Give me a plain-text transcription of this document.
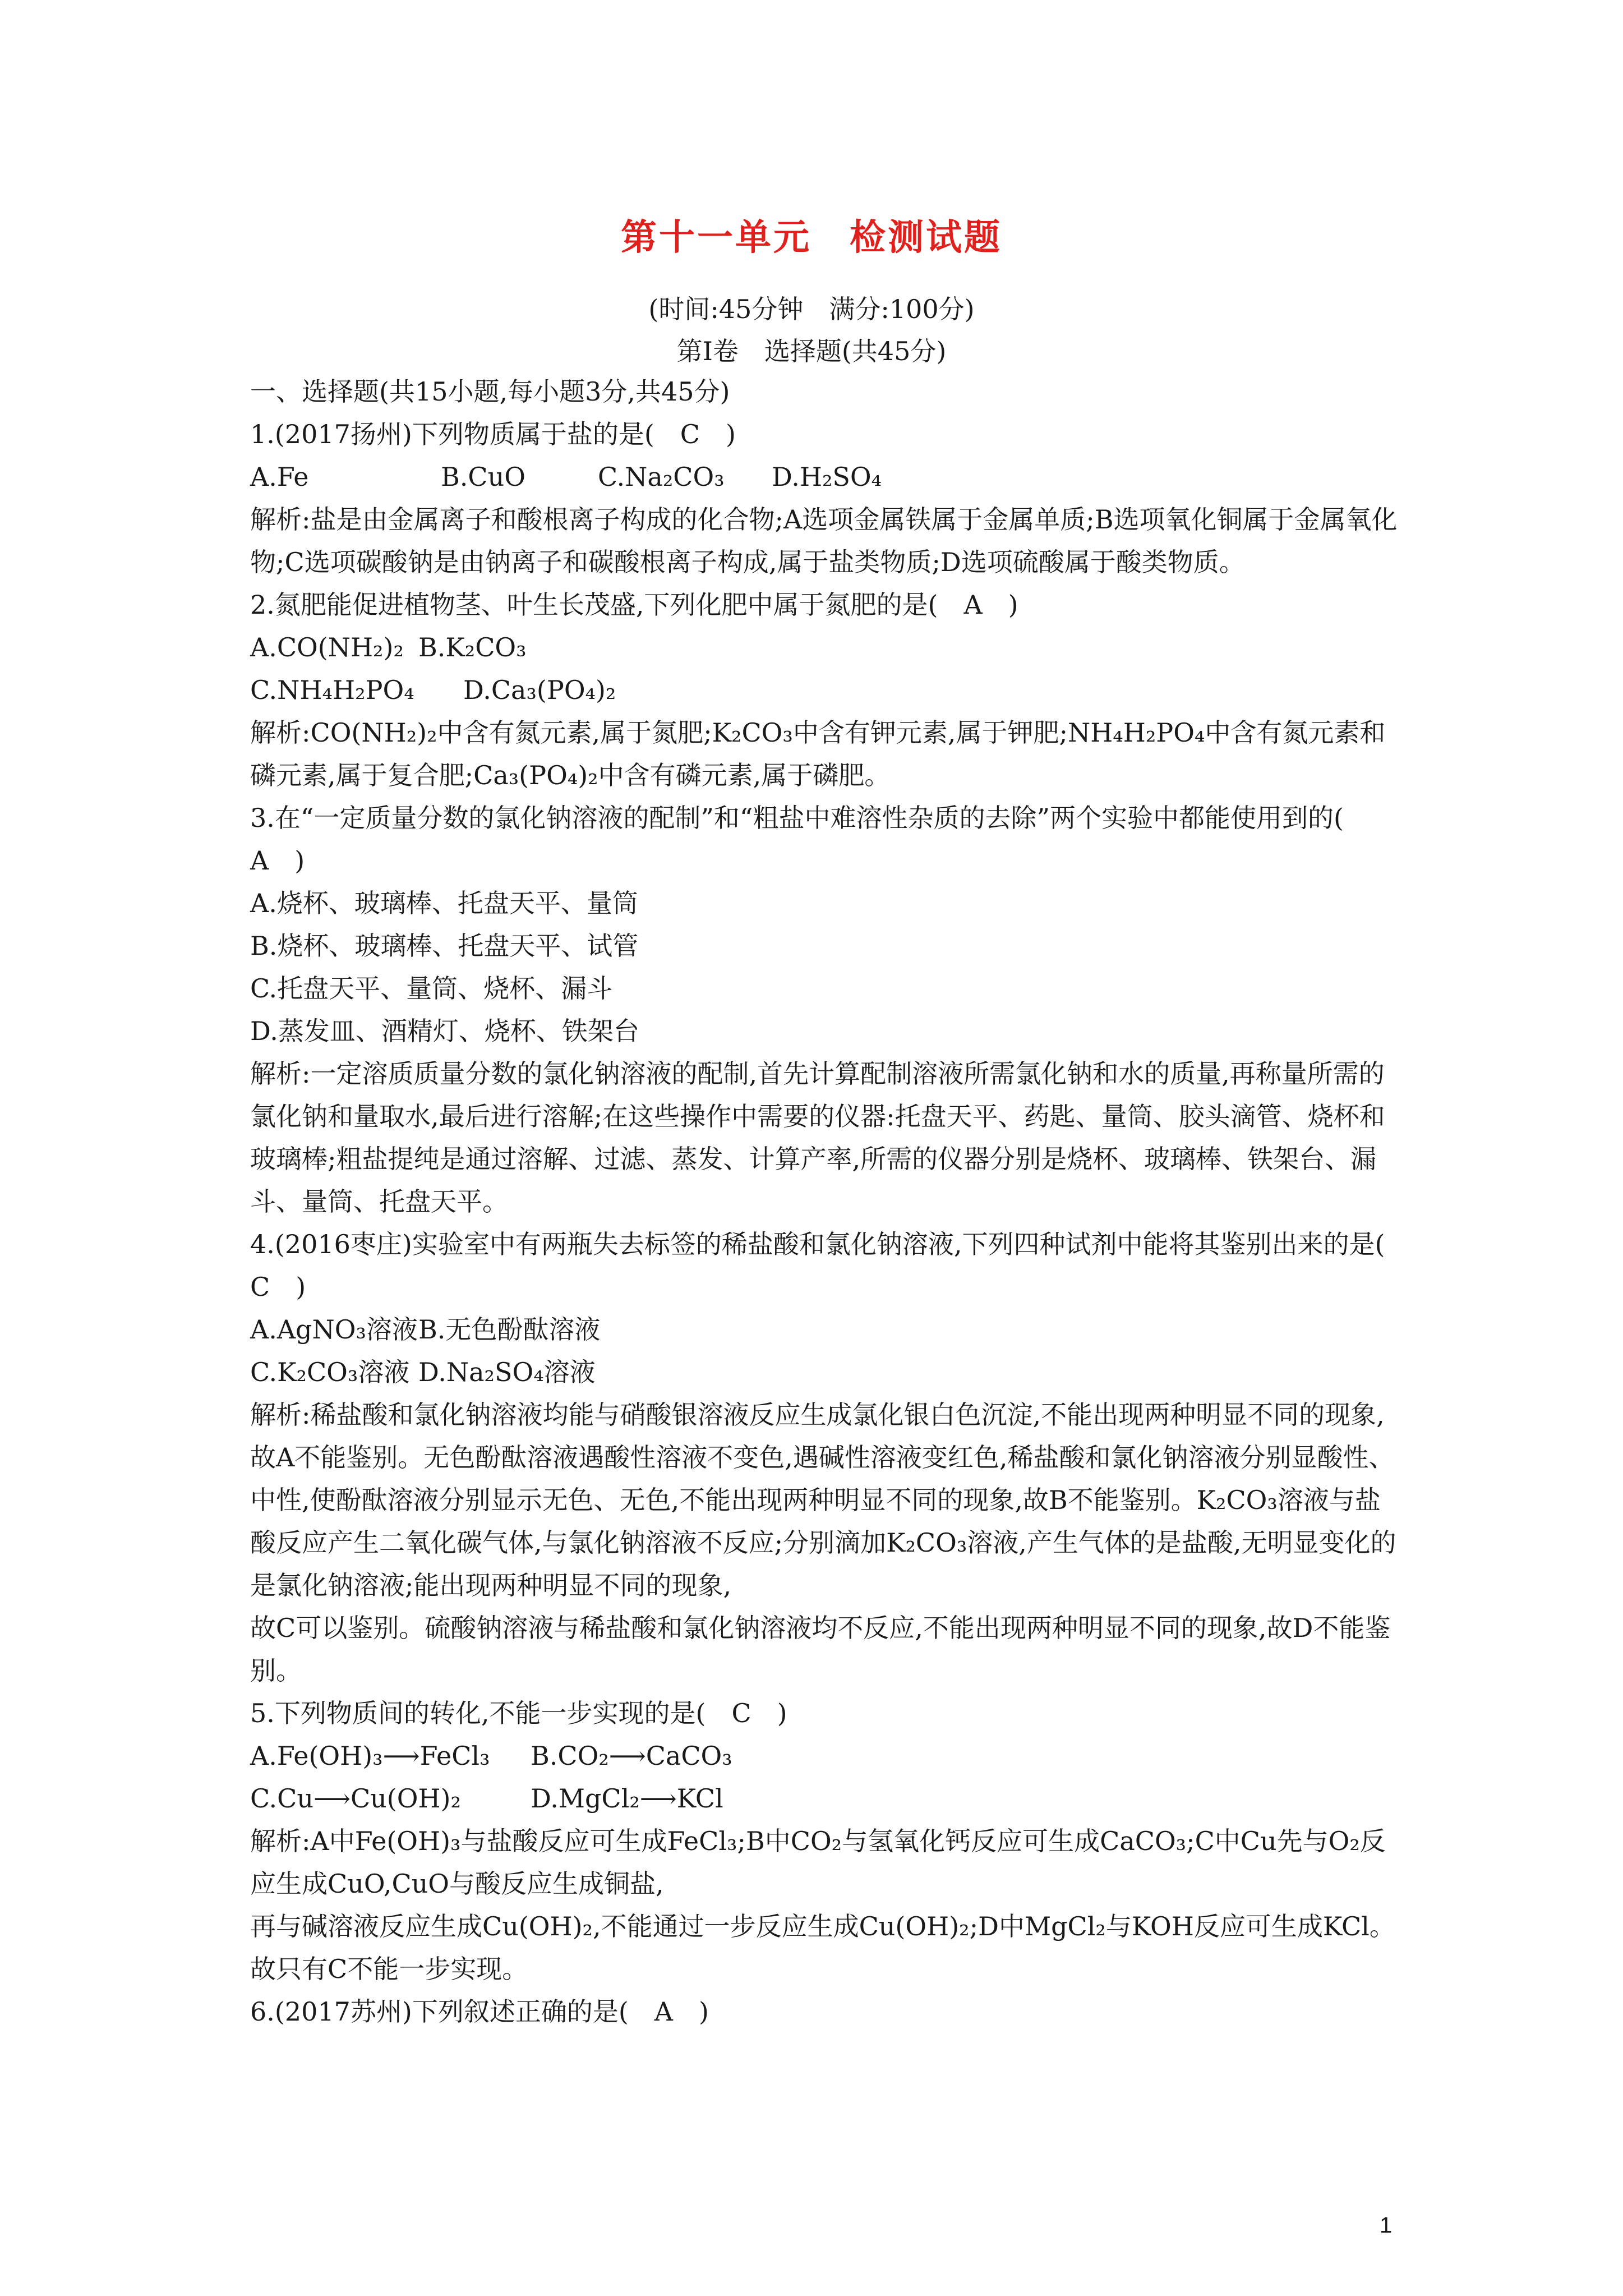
第十一单元　检测试题
(时间:45分钟　满分:100分)
第Ⅰ卷　选择题(共45分)

一、选择题(共15小题,每小题3分,共45分)

1.(2017扬州)下列物质属于盐的是(　C　)

A.Fe	B.CuO	C.Na₂CO₃	D.H₂SO₄

解析:盐是由金属离子和酸根离子构成的化合物;A选项金属铁属于金属单质;B选项氧化铜属于金属氧化物;C选项碳酸钠是由钠离子和碳酸根离子构成,属于盐类物质;D选项硫酸属于酸类物质。

2.氮肥能促进植物茎、叶生长茂盛,下列化肥中属于氮肥的是(　A　)

A.CO(NH₂)₂ B.K₂CO₃
C.NH₄H₂PO₄	D.Ca₃(PO₄)₂

解析:CO(NH₂)₂中含有氮元素,属于氮肥;K₂CO₃中含有钾元素,属于钾肥;NH₄H₂PO₄中含有氮元素和磷元素,属于复合肥;Ca₃(PO₄)₂中含有磷元素,属于磷肥。

3.在“一定质量分数的氯化钠溶液的配制”和“粗盐中难溶性杂质的去除”两个实验中都能使用到的(　A　)

A.烧杯、玻璃棒、托盘天平、量筒

B.烧杯、玻璃棒、托盘天平、试管

C.托盘天平、量筒、烧杯、漏斗

D.蒸发皿、酒精灯、烧杯、铁架台

解析:一定溶质质量分数的氯化钠溶液的配制,首先计算配制溶液所需氯化钠和水的质量,再称量所需的氯化钠和量取水,最后进行溶解;在这些操作中需要的仪器:托盘天平、药匙、量筒、胶头滴管、烧杯和玻璃棒;粗盐提纯是通过溶解、过滤、蒸发、计算产率,所需的仪器分别是烧杯、玻璃棒、铁架台、漏斗、量筒、托盘天平。

4.(2016枣庄)实验室中有两瓶失去标签的稀盐酸和氯化钠溶液,下列四种试剂中能将其鉴别出来的是(　C　)

A.AgNO₃溶液 B.无色酚酞溶液
C.K₂CO₃溶液 D.Na₂SO₄溶液

解析:稀盐酸和氯化钠溶液均能与硝酸银溶液反应生成氯化银白色沉淀,不能出现两种明显不同的现象,故A不能鉴别。无色酚酞溶液遇酸性溶液不变色,遇碱性溶液变红色,稀盐酸和氯化钠溶液分别显酸性、中性,使酚酞溶液分别显示无色、无色,不能出现两种明显不同的现象,故B不能鉴别。K₂CO₃溶液与盐酸反应产生二氧化碳气体,与氯化钠溶液不反应;分别滴加K₂CO₃溶液,产生气体的是盐酸,无明显变化的是氯化钠溶液;能出现两种明显不同的现象,

故C可以鉴别。硫酸钠溶液与稀盐酸和氯化钠溶液均不反应,不能出现两种明显不同的现象,故D不能鉴别。

5.下列物质间的转化,不能一步实现的是(　C　)

A.Fe(OH)₃⟶FeCl₃	B.CO₂⟶CaCO₃
C.Cu⟶Cu(OH)₂	D.MgCl₂⟶KCl

解析:A中Fe(OH)₃与盐酸反应可生成FeCl₃;B中CO₂与氢氧化钙反应可生成CaCO₃;C中Cu先与O₂反应生成CuO,CuO与酸反应生成铜盐,

再与碱溶液反应生成Cu(OH)₂,不能通过一步反应生成Cu(OH)₂;D中MgCl₂与KOH反应可生成KCl。故只有C不能一步实现。

6.(2017苏州)下列叙述正确的是(　A　)

1
